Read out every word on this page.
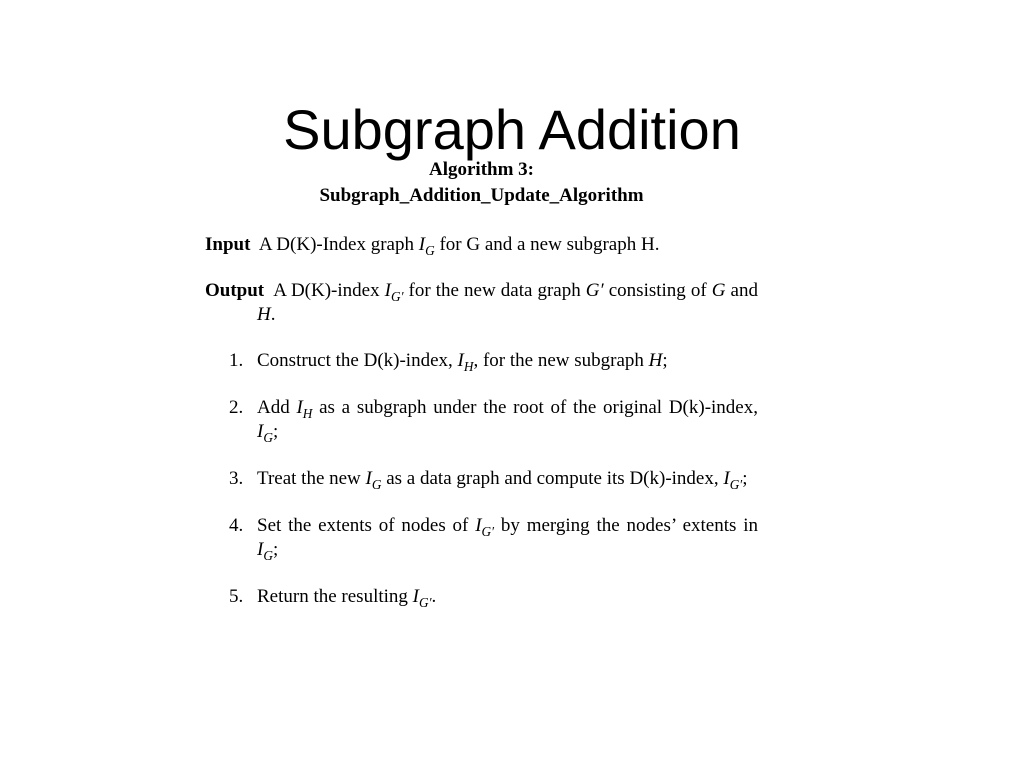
Subgraph Addition
Algorithm 3:
Subgraph_Addition_Update_Algorithm
Input A D(K)-Index graph $I_G$ for G and a new subgraph H.
Output A D(K)-index $I_{G'}$ for the new data graph G′ consisting of G and H.
1. Construct the D(k)-index, $I_H$, for the new subgraph H;
2. Add $I_H$ as a subgraph under the root of the original D(k)-index, $I_G$;
3. Treat the new $I_G$ as a data graph and compute its D(k)-index, $I_{G'}$;
4. Set the extents of nodes of $I_{G'}$ by merging the nodes’ extents in $I_G$;
5. Return the resulting $I_{G'}$.
